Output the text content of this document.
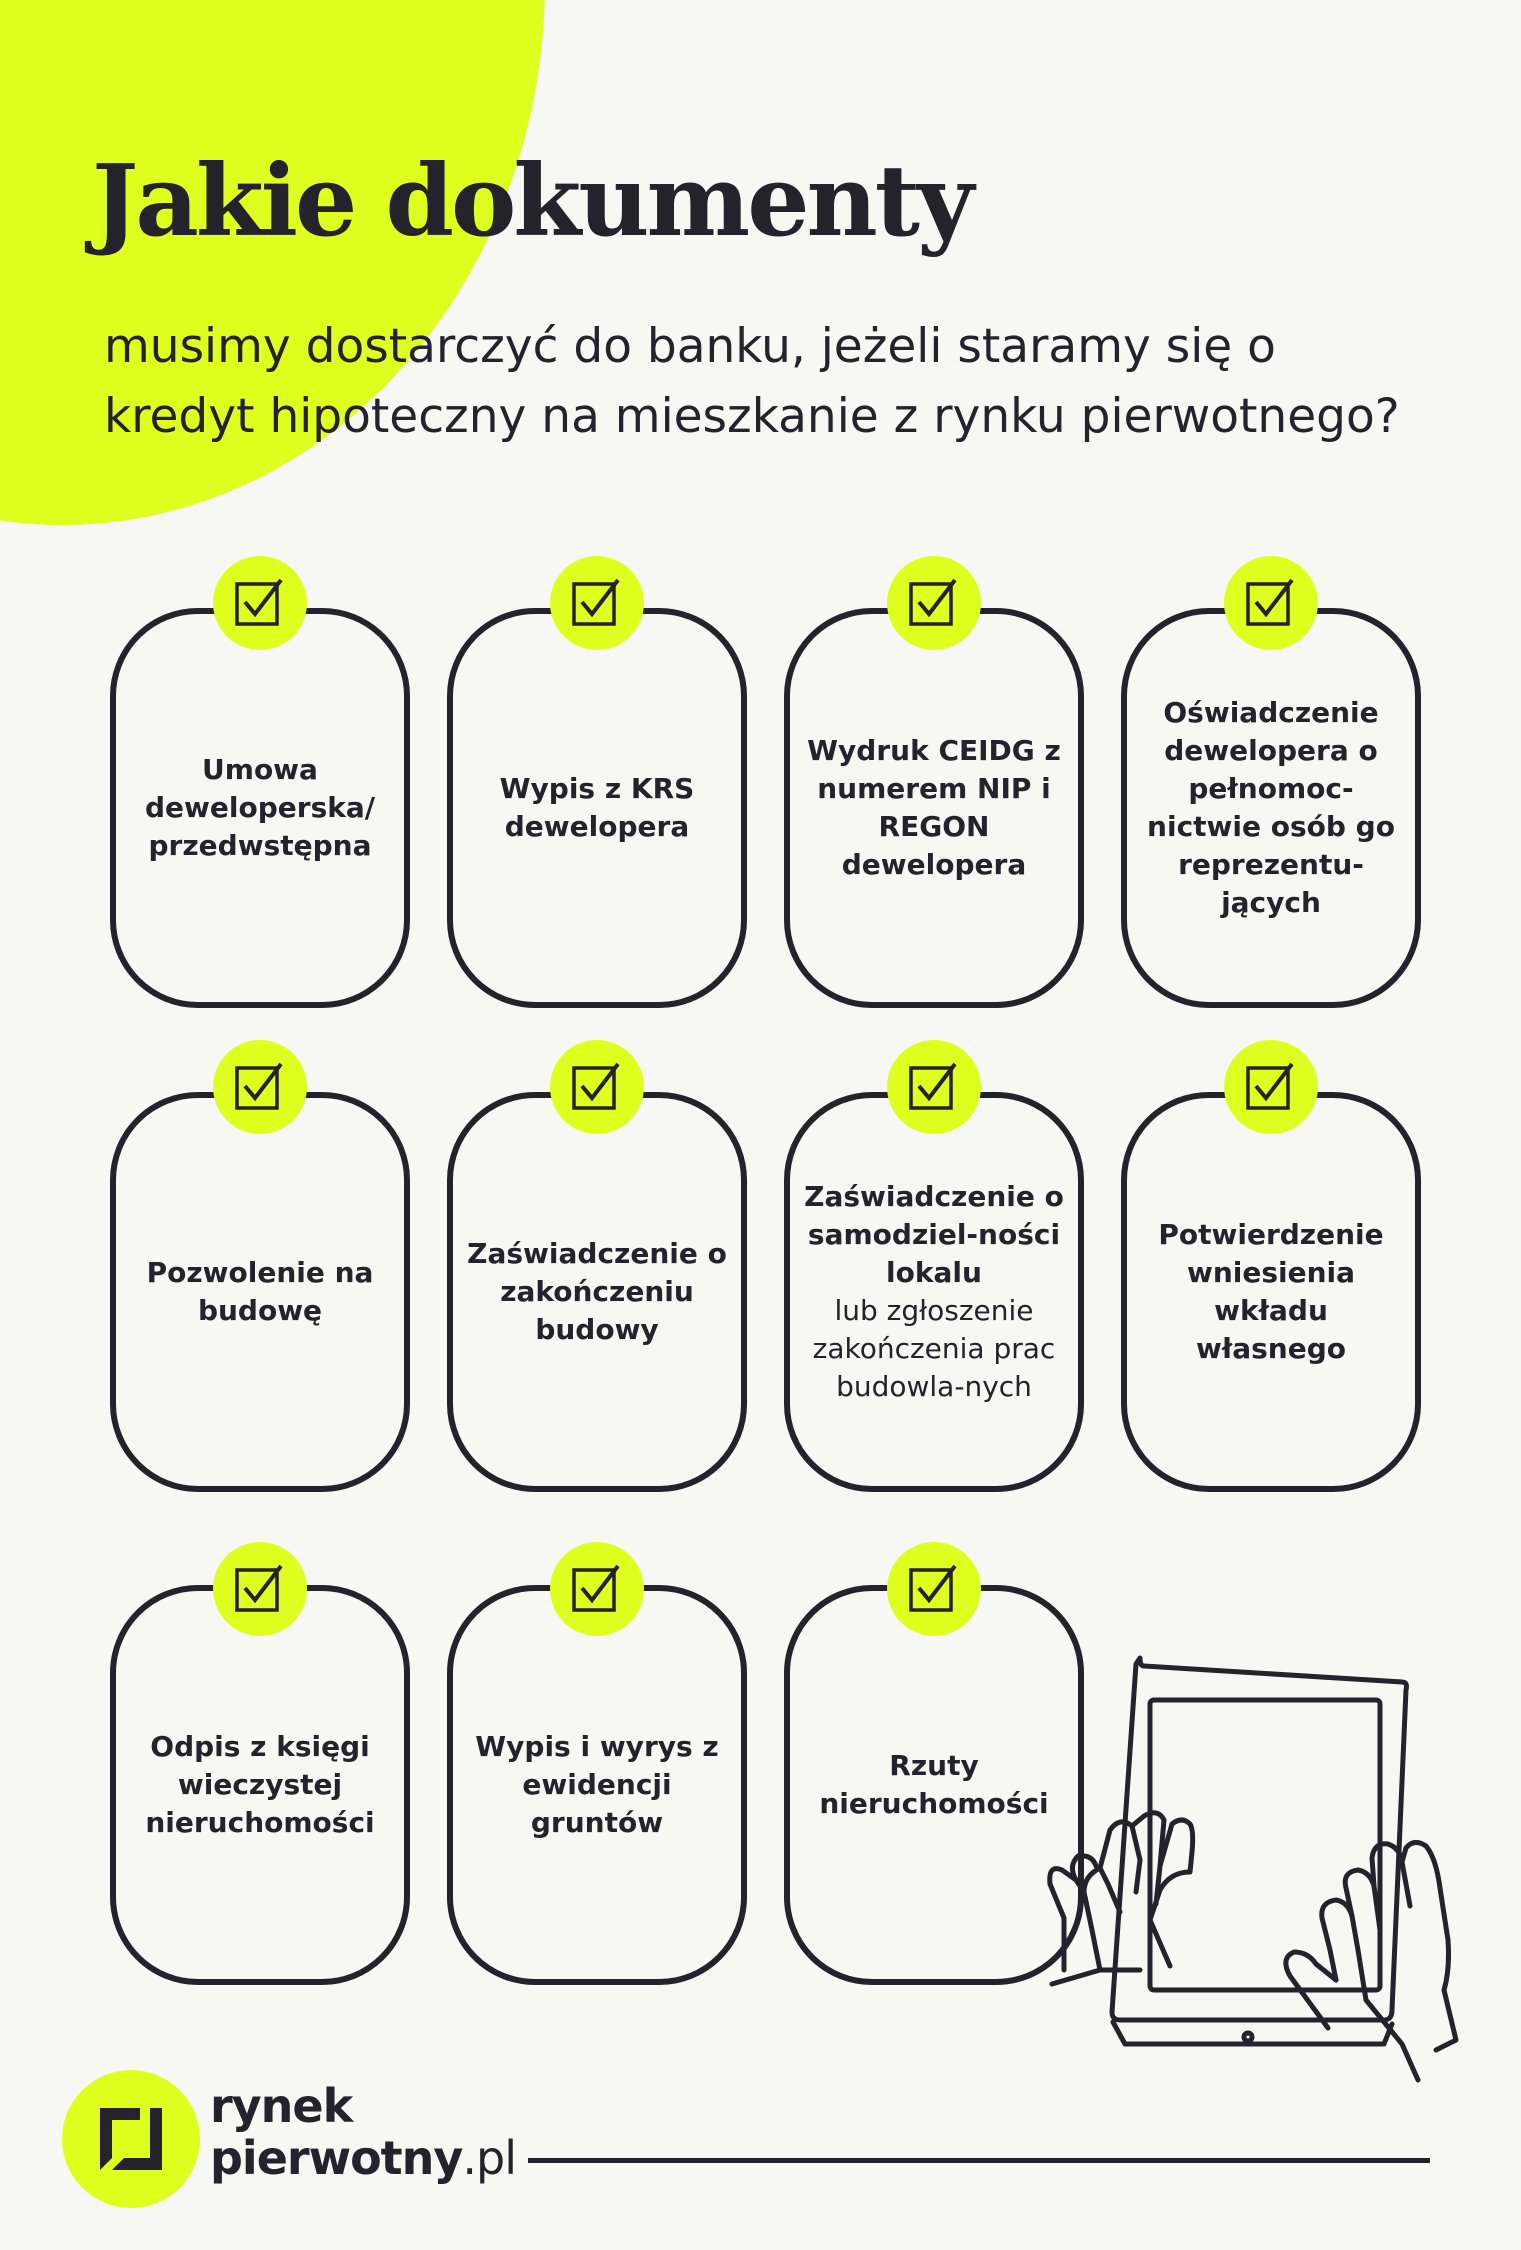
Jakie dokumenty

musimy dostarczyć do banku, jeżeli staramy się o kredyt hipoteczny na mieszkanie z rynku pierwotnego?

Umowa deweloperska/ przedwstępna
Wypis z KRS dewelopera
Wydruk CEIDG z numerem NIP i REGON dewelopera
Oświadczenie dewelopera o pełnomoc-nictwie osób go reprezentu-jących
Pozwolenie na budowę
Zaświadczenie o zakończeniu budowy
Zaświadczenie o samodziel-ności lokalu
lub zgłoszenie zakończenia prac budowla-nych
Potwierdzenie wniesienia wkładu własnego
Odpis z księgi wieczystej nieruchomości
Wypis i wyrys z ewidencji gruntów
Rzuty nieruchomości
rynek
pierwotny.pl
